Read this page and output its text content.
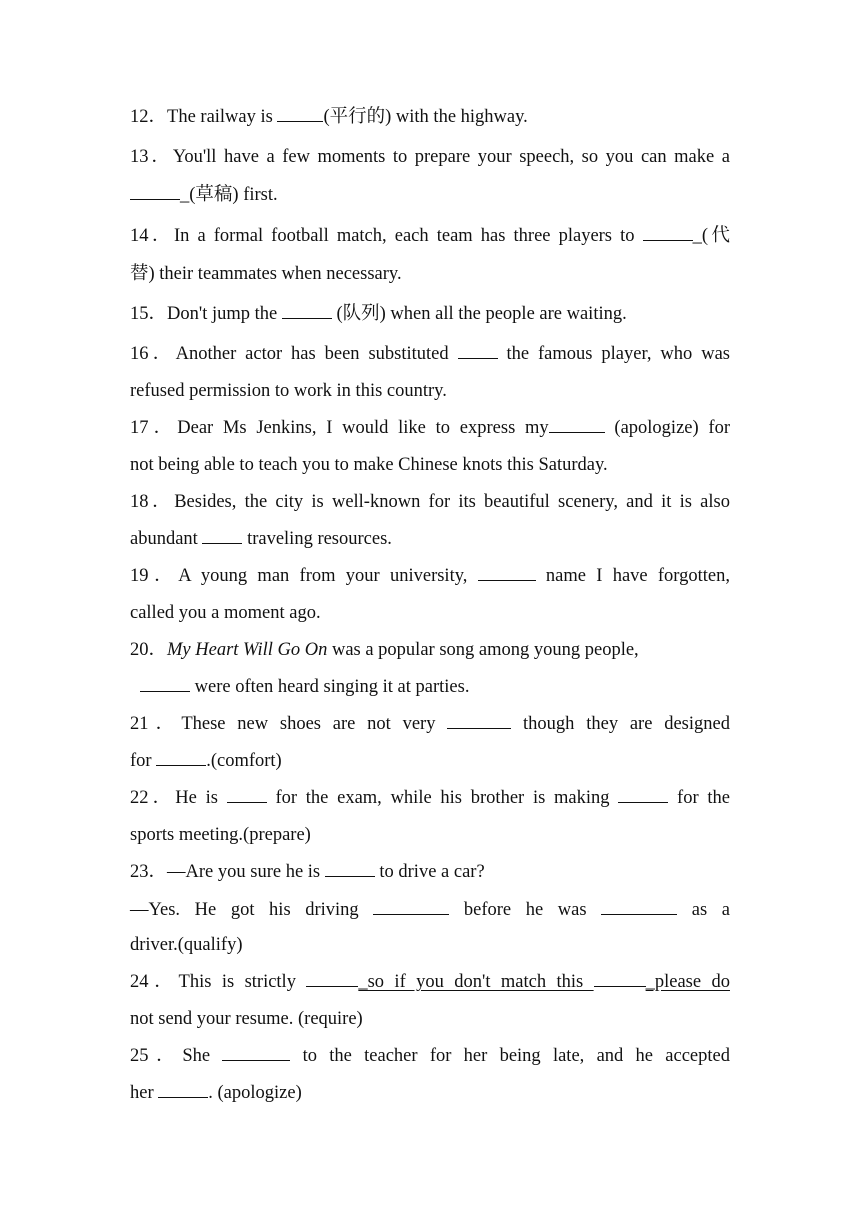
12．The railway is (平行的) with the highway.
13．You'll have a few moments to prepare your speech, so you can make a
_(草稿) first.
14．In a formal football match, each team has three players to	_(代
替) their teammates when necessary.
15．Don't jump the	(队列) when all the people are waiting.
16．Another actor has been substituted  the famous player, who was
refused permission to work in this country.
17．Dear Ms Jenkins, I would like to express my	(apologize) for
not being able to teach you to make Chinese knots this Saturday.
18．Besides, the city is well-known for its beautiful scenery, and it is also
abundant  traveling resources.
19．A young man from your university,	name I have forgotten,
called you a moment ago.
20．My Heart Will Go On was a popular song among young people,
were often heard singing it at parties.
21．These new shoes are not very	though they are designed
for	.(comfort)
22．He is  for the exam, while his brother is making	for the
sports meeting.(prepare)
23．—Are you sure he is	to drive a car?
—Yes. He got his driving	before he was	as a
driver.(qualify)
24．This is strictly	_so if you don't match this	_please do
not send your resume. (require)
25．She	to the teacher for her being late, and he accepted
her	. (apologize)
